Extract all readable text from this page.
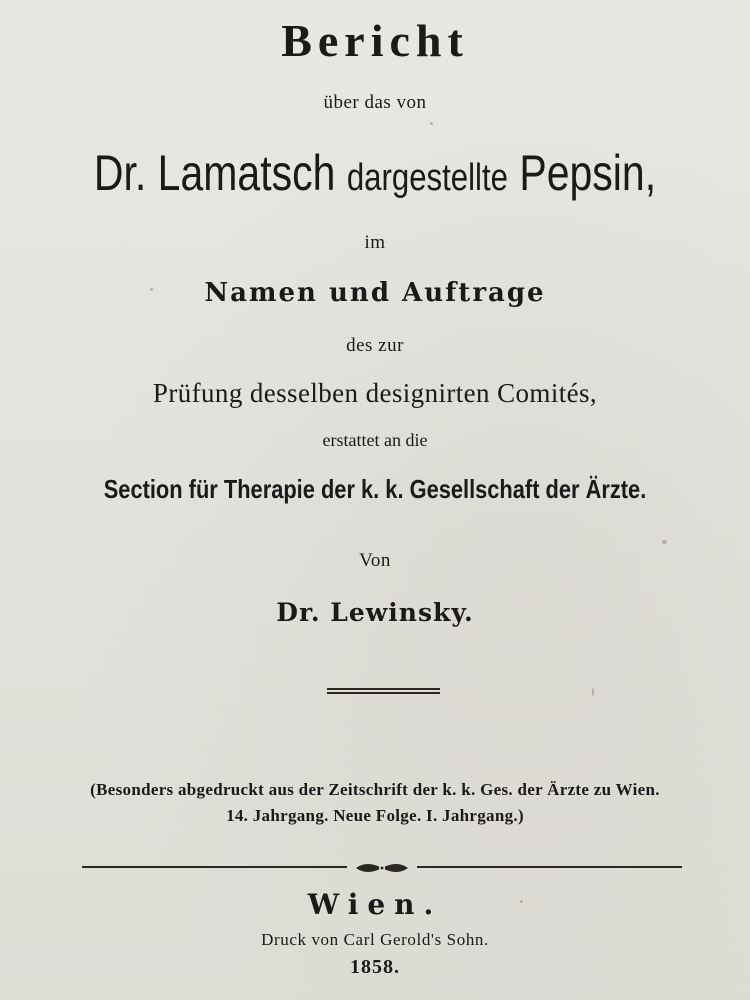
Bericht
über das von
Dr. Lamatsch dargestellte Pepsin,
im
Namen und Auftrage
des zur
Prüfung desselben designirten Comités,
erstattet an die
Section für Therapie der k. k. Gesellschaft der Ärzte.
Von
Dr. Lewinsky.
(Besonders abgedruckt aus der Zeitschrift der k. k. Ges. der Ärzte zu Wien.
14. Jahrgang. Neue Folge. I. Jahrgang.)
Wien.
Druck von Carl Gerold's Sohn.
1858.
